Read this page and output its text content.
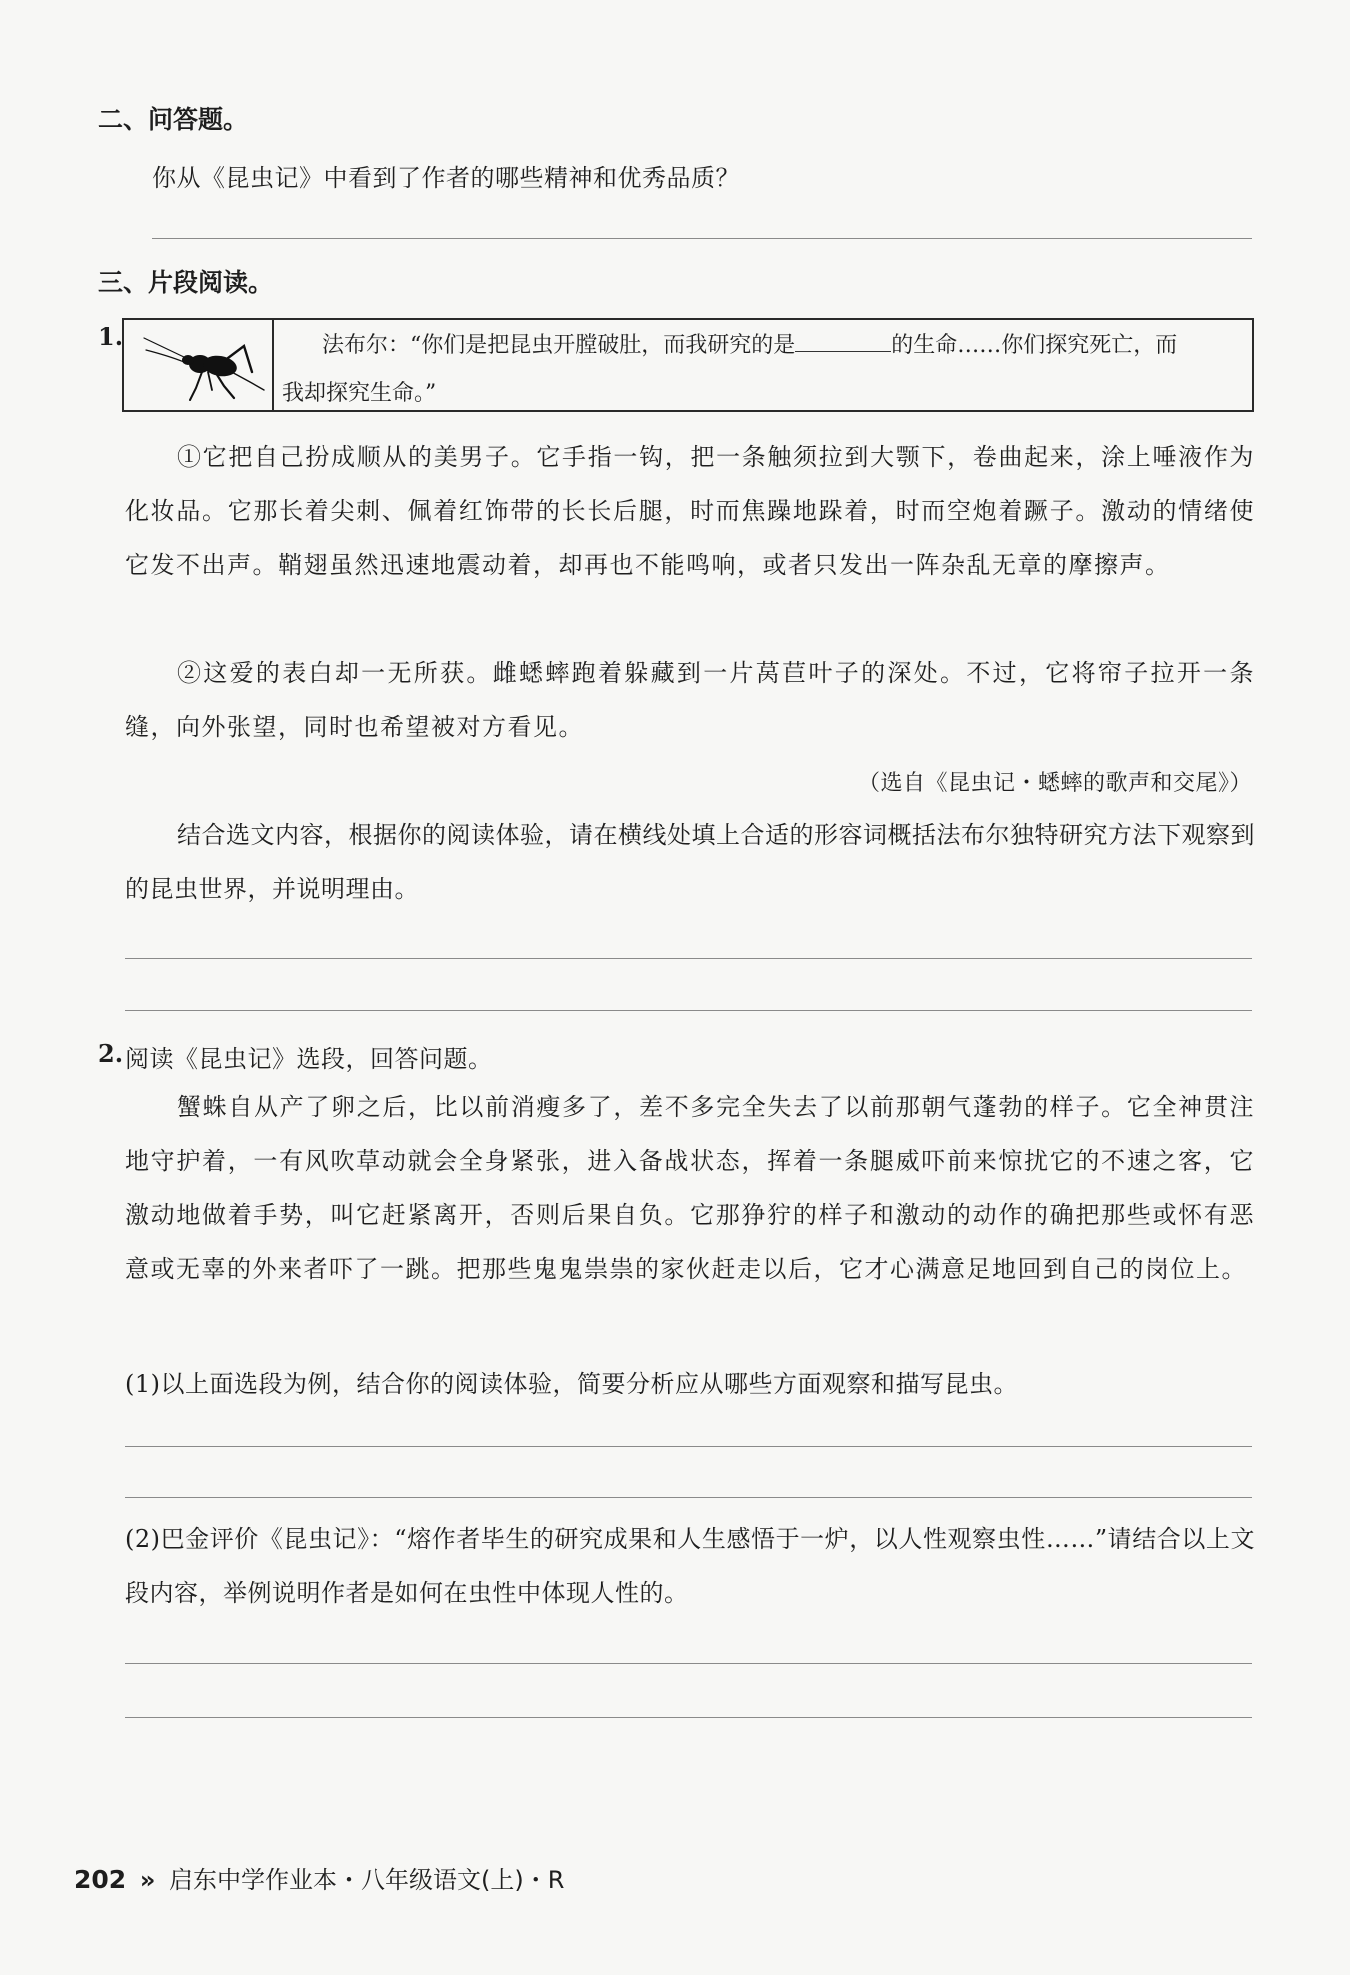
二、问答题。
你从《昆虫记》中看到了作者的哪些精神和优秀品质？
三、片段阅读。
1.	法布尔：“你们是把昆虫开膛破肚，而我研究的是	的生命……你们探究死亡，而
我却探究生命。”
①它把自己扮成顺从的美男子。它手指一钩，把一条触须拉到大颚下，卷曲起来，涂上唾液作为化妆品。它那长着尖刺、佩着红饰带的长长后腿，时而焦躁地跺着，时而空炮着蹶子。激动的情绪使它发不出声。鞘翅虽然迅速地震动着，却再也不能鸣响，或者只发出一阵杂乱无章的摩擦声。
②这爱的表白却一无所获。雌蟋蟀跑着躲藏到一片莴苣叶子的深处。不过，它将帘子拉开一条缝，向外张望，同时也希望被对方看见。
（选自《昆虫记・蟋蟀的歌声和交尾》）
结合选文内容，根据你的阅读体验，请在横线处填上合适的形容词概括法布尔独特研究方法下观察到的昆虫世界，并说明理由。
2. 阅读《昆虫记》选段，回答问题。
蟹蛛自从产了卵之后，比以前消瘦多了，差不多完全失去了以前那朝气蓬勃的样子。它全神贯注地守护着，一有风吹草动就会全身紧张，进入备战状态，挥着一条腿威吓前来惊扰它的不速之客，它激动地做着手势，叫它赶紧离开，否则后果自负。它那狰狞的样子和激动的动作的确把那些或怀有恶意或无辜的外来者吓了一跳。把那些鬼鬼祟祟的家伙赶走以后，它才心满意足地回到自己的岗位上。
(1)以上面选段为例，结合你的阅读体验，简要分析应从哪些方面观察和描写昆虫。
(2)巴金评价《昆虫记》：“熔作者毕生的研究成果和人生感悟于一炉，以人性观察虫性……”请结合以上文段内容，举例说明作者是如何在虫性中体现人性的。
202 » 启东中学作业本・八年级语文(上)・R
